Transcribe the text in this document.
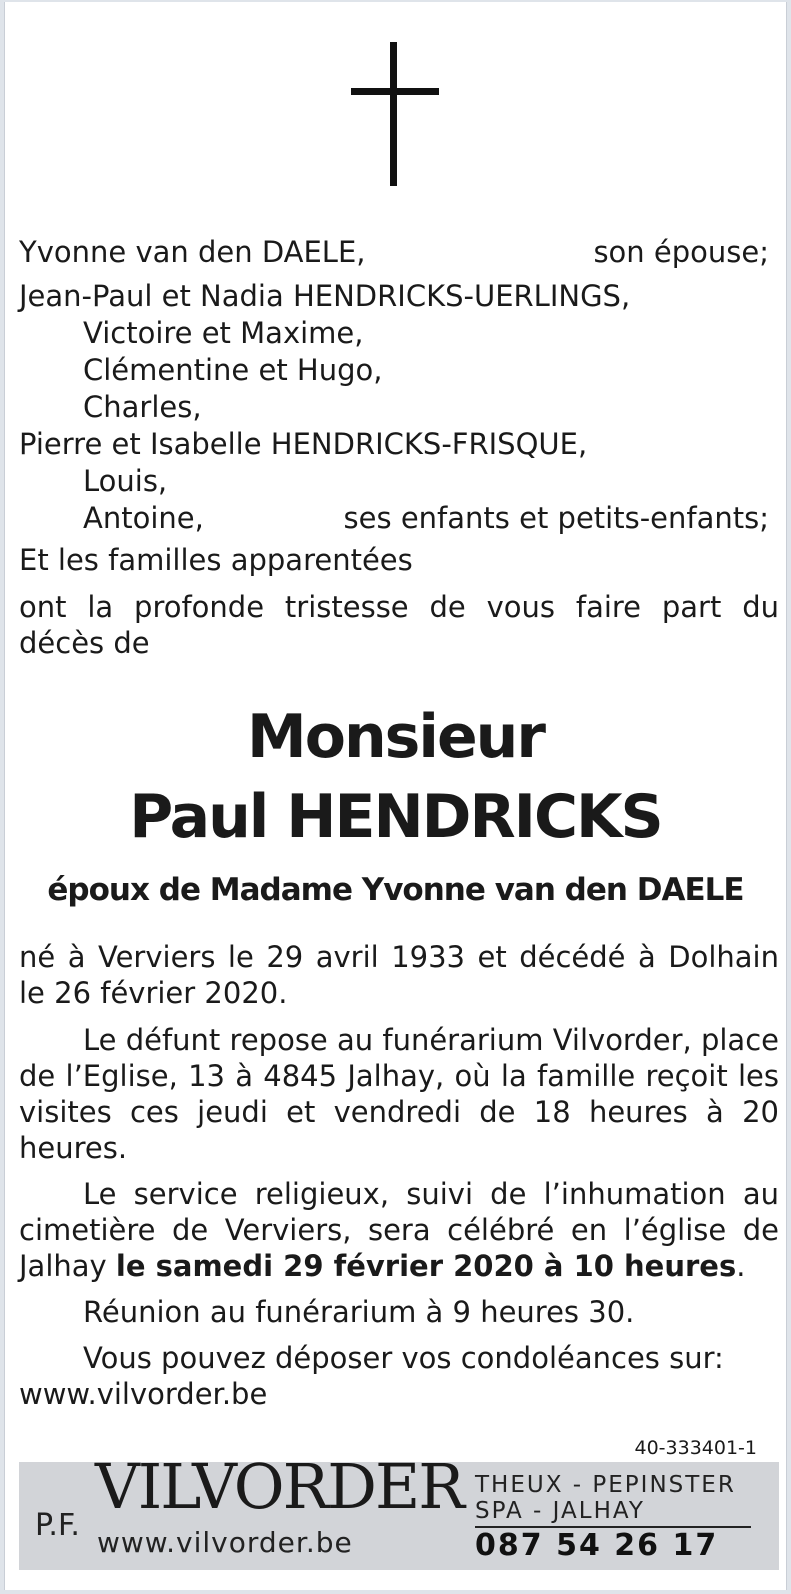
Yvonne van den DAELE,	son épouse;
Jean-Paul et Nadia HENDRICKS-UERLINGS,
Victoire et Maxime,
Clémentine et Hugo,
Charles,
Pierre et Isabelle HENDRICKS-FRISQUE,
Louis,
Antoine,	ses enfants et petits-enfants;
Et les familles apparentées
ont la profonde tristesse de vous faire part du
décès de
Monsieur
Paul HENDRICKS
époux de Madame Yvonne van den DAELE
né à Verviers le 29 avril 1933 et décédé à Dolhain le 26 février 2020.
Le défunt repose au funérarium Vilvorder, place de l’Eglise, 13 à 4845 Jalhay, où la famille reçoit les visites ces jeudi et vendredi de 18 heures à 20 heures.
Le service religieux, suivi de l’inhumation au cimetière de Verviers, sera célébré en l’église de Jalhay le samedi 29 février 2020 à 10 heures.
Réunion au funérarium à 9 heures 30.
Vous pouvez déposer vos condoléances sur:
www.vilvorder.be
40-333401-1
P.F.
VILVORDER THEUX - PEPINSTER
SPA - JALHAY
www.vilvorder.be	087 54 26 17
